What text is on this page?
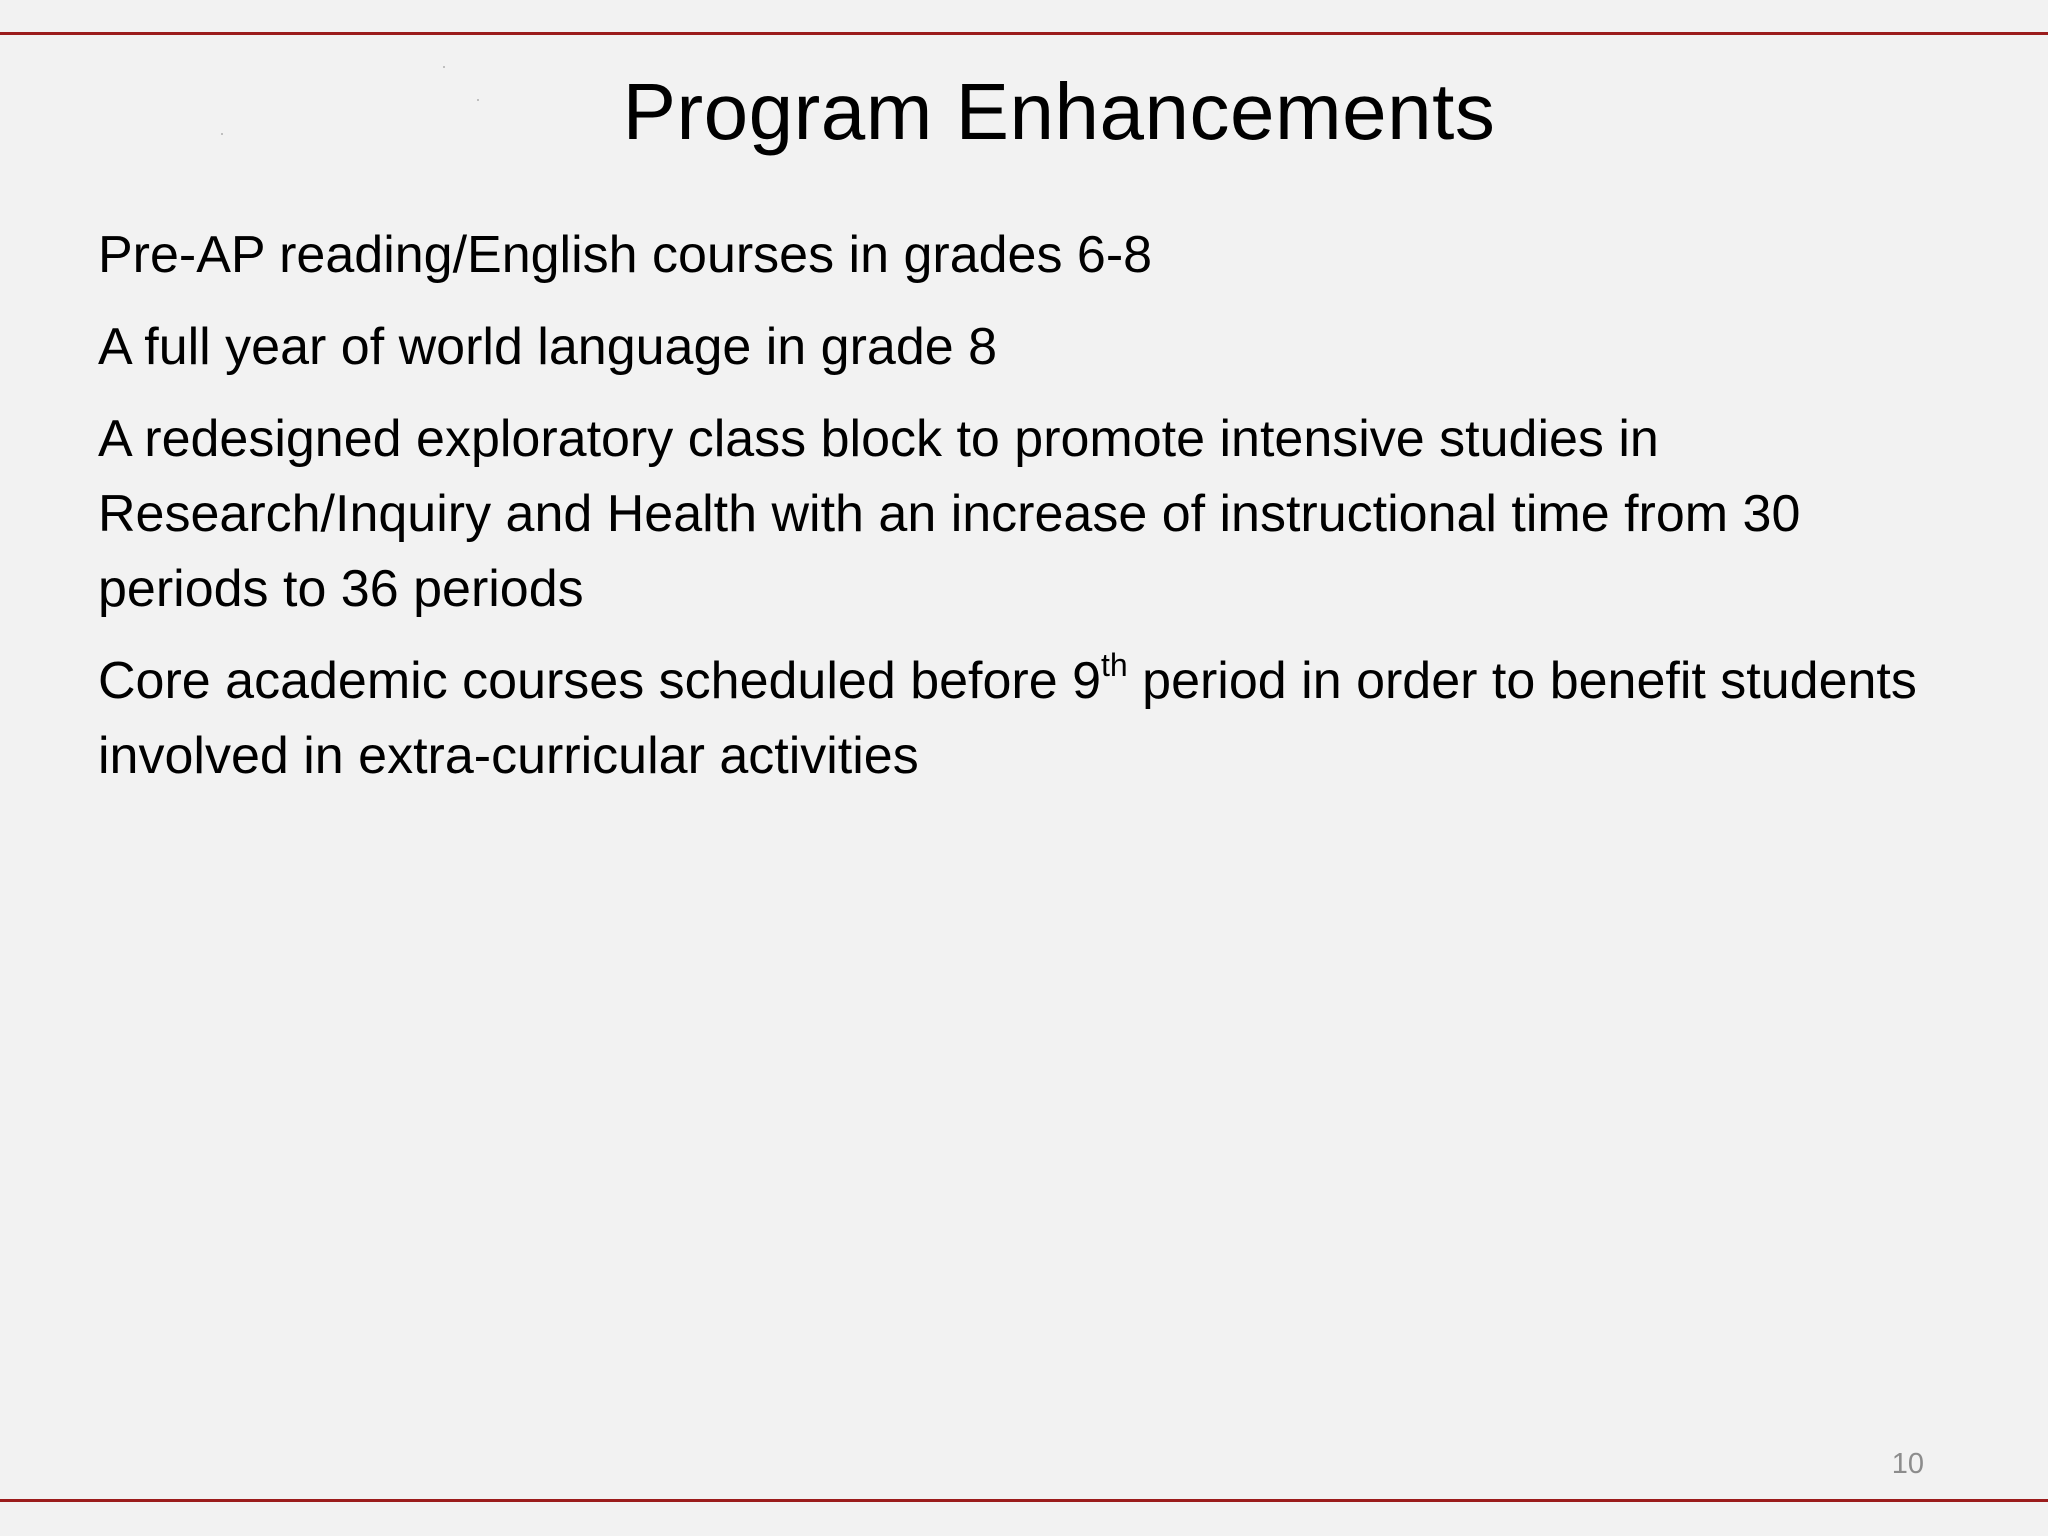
Program Enhancements

Pre-AP reading/English courses in grades 6-8

A full year of world language in grade 8

A redesigned exploratory class block to promote intensive studies in Research/Inquiry and Health with an increase of instructional time from 30 periods to 36 periods

Core academic courses scheduled before 9th period in order to benefit students involved in extra-curricular activities

10
